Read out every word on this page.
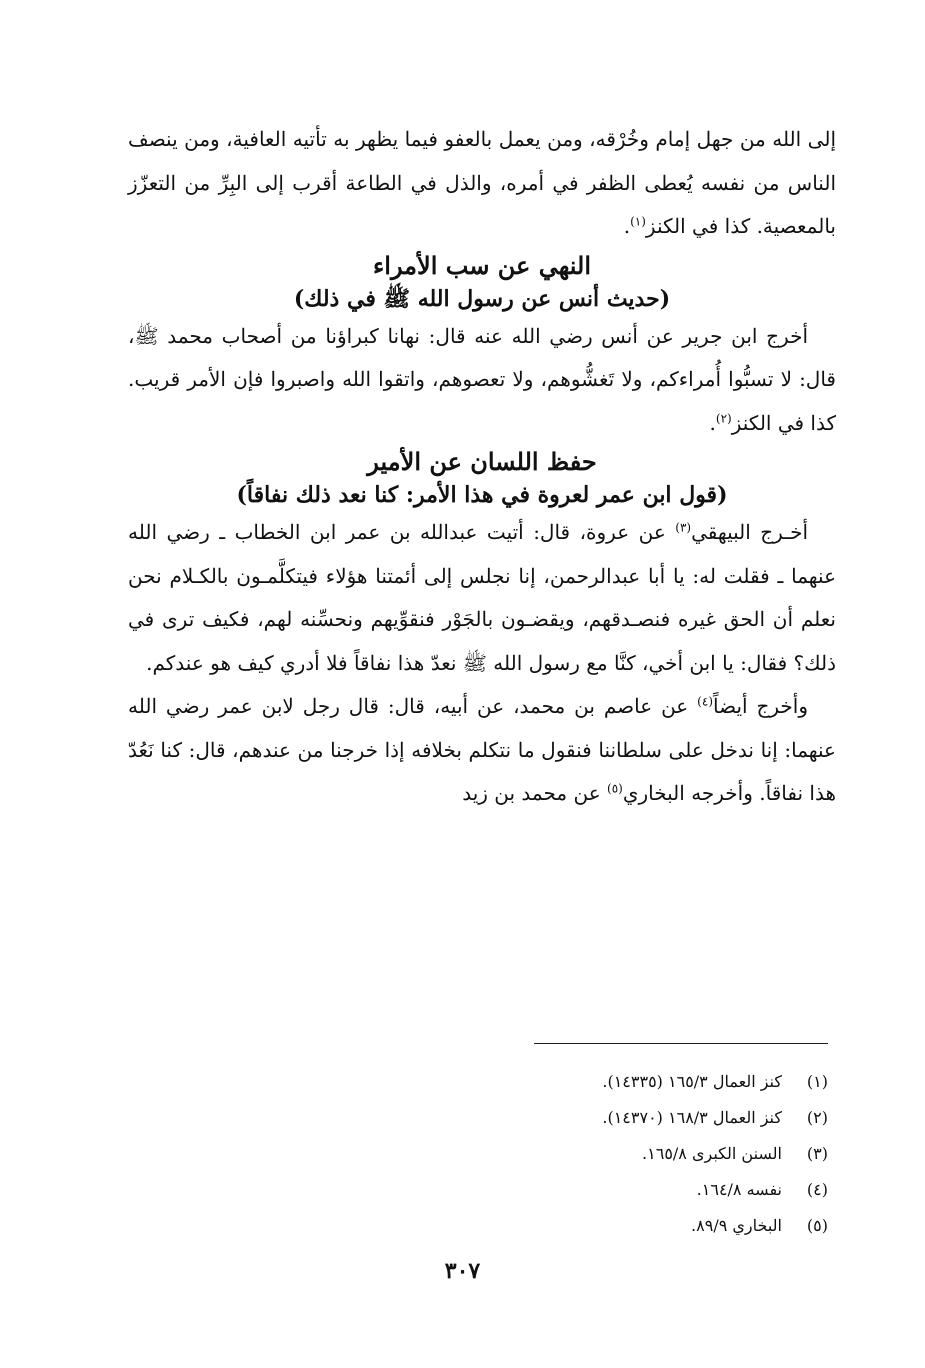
إلى الله من جهل إمام وخُرْقه، ومن يعمل بالعفو فيما يظهر به تأتيه العافية، ومن ينصف الناس من نفسه يُعطى الظفر في أمره، والذل في الطاعة أقرب إلى البِرِّ من التعزّز بالمعصية. كذا في الكنز$^{(١)}$.

النهي عن سب الأمراء
(حديث أنس عن رسول الله ﷺ في ذلك)

أخرج ابن جرير عن أنس رضي الله عنه قال: نهانا كبراؤنا من أصحاب محمد ﷺ، قال: لا تسبُّوا أُمراءكم، ولا تَغشُّوهم، ولا تعصوهم، واتقوا الله واصبروا فإن الأمر قريب. كذا في الكنز$^{(٢)}$.

حفظ اللسان عن الأمير
(قول ابن عمر لعروة في هذا الأمر: كنا نعد ذلك نفاقاً)

أخـرج البيهقي$^{(٣)}$ عن عروة، قال: أتيت عبدالله بن عمر ابن الخطاب ـ رضي الله عنهما ـ فقلت له: يا أبا عبدالرحمن، إنا نجلس إلى أئمتنا هؤلاء فيتكلَّمـون بالكـلام نحن نعلم أن الحق غيره فنصـدقهم، ويقضـون بالجَوْر فنقوِّيهم ونحسِّنه لهم، فكيف ترى في ذلك؟ فقال: يا ابن أخي، كنَّا مع رسول الله ﷺ نعدّ هذا نفاقاً فلا أدري كيف هو عندكم.

وأخرج أيضاً$^{(٤)}$ عن عاصم بن محمد، عن أبيه، قال: قال رجل لابن عمر رضي الله عنهما: إنا ندخل على سلطاننا فنقول ما نتكلم بخلافه إذا خرجنا من عندهم، قال: كنا نَعُدّ هذا نفاقاً. وأخرجه البخاري$^{(٥)}$ عن محمد بن زيد

(١)كنز العمال ١٦٥/٣ (١٤٣٣٥).
(٢)كنز العمال ١٦٨/٣ (١٤٣٧٠).
(٣)السنن الكبرى ١٦٥/٨.
(٤)نفسه ١٦٤/٨.
(٥)البخاري ٨٩/٩.
٣٠٧
